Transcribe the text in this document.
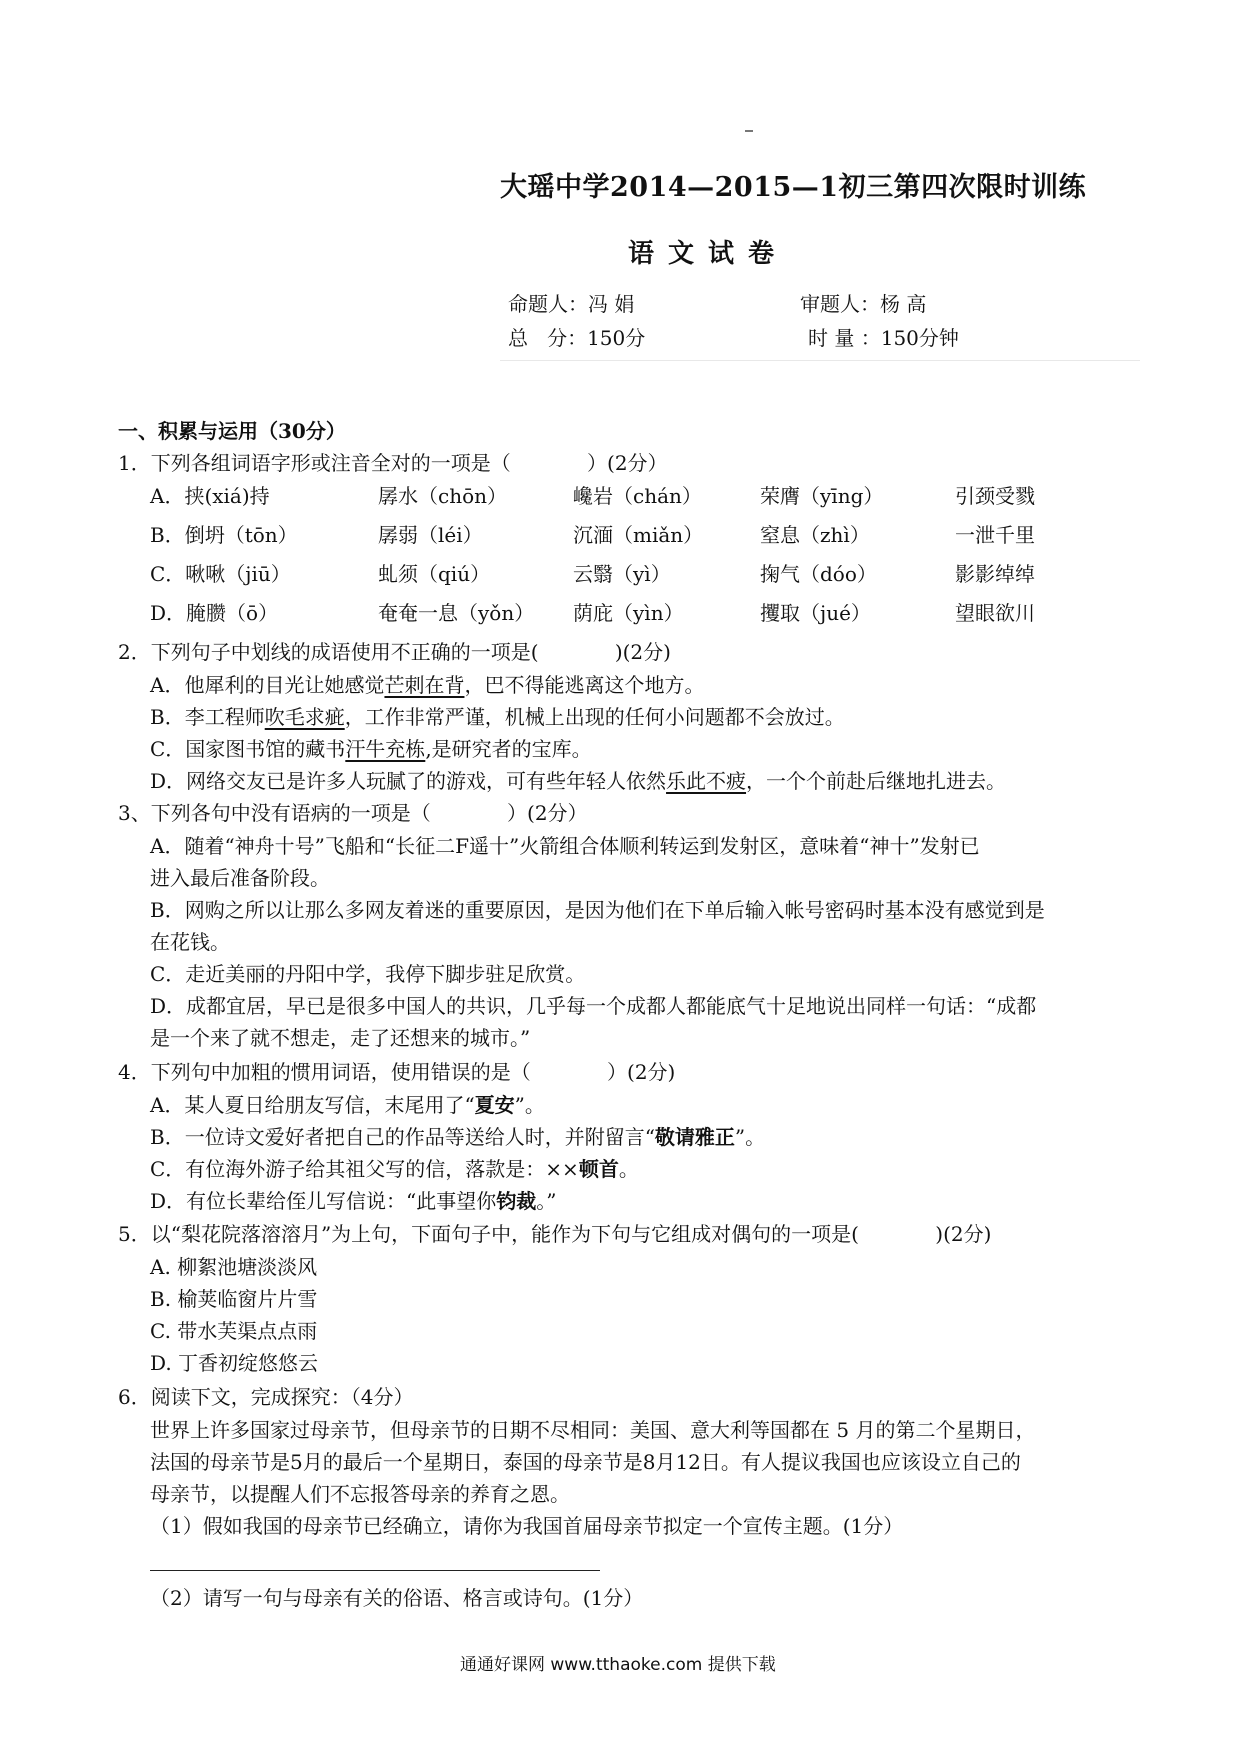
大瑶中学2014—2015—1初三第四次限时训练
语文试卷
命题人：冯 娟	审题人：杨 高
总   分：150分	时 量 ：150分钟
一、积累与运用（30分）
1．下列各组词语字形或注音全对的一项是（            ）(2分）
A．挟(xiá)持	孱水（chōn）	巉岩（chán）	荣膺（yīng）	引颈受戮
B．倒坍（tōn）	孱弱（léi）	沉湎（miǎn）	窒息（zhì）	一泄千里
C．啾啾（jiū）	虬须（qiú）	云翳（yì）	掬气（dóo）	影影绰绰
D．腌臜（ō）	奄奄一息（yǒn） 荫庇（yìn）	攫取（jué）	望眼欲川
2．下列句子中划线的成语使用不正确的一项是(            )(2分)
A．他犀利的目光让她感觉芒刺在背，巴不得能逃离这个地方。
B．李工程师吹毛求疵，工作非常严谨，机械上出现的任何小问题都不会放过。
C．国家图书馆的藏书汗牛充栋,是研究者的宝库。
D．网络交友已是许多人玩腻了的游戏，可有些年轻人依然乐此不疲，一个个前赴后继地扎进去。
3、下列各句中没有语病的一项是（            ）(2分）
A．随着“神舟十号”飞船和“长征二F遥十”火箭组合体顺利转运到发射区，意味着“神十”发射已
进入最后准备阶段。
B．网购之所以让那么多网友着迷的重要原因，是因为他们在下单后输入帐号密码时基本没有感觉到是
在花钱。
C．走近美丽的丹阳中学，我停下脚步驻足欣赏。
D．成都宜居，早已是很多中国人的共识，几乎每一个成都人都能底气十足地说出同样一句话：“成都
是一个来了就不想走，走了还想来的城市。”
4．下列句中加粗的惯用词语，使用错误的是（            ）(2分)
A．某人夏日给朋友写信，末尾用了“夏安”。
B．一位诗文爱好者把自己的作品等送给人时，并附留言“敬请雅正”。
C．有位海外游子给其祖父写的信，落款是：××顿首。
D．有位长辈给侄儿写信说：“此事望你钧裁。”
5．以“梨花院落溶溶月”为上句，下面句子中，能作为下句与它组成对偶句的一项是(            )(2分)
A. 柳絮池塘淡淡风
B. 榆荚临窗片片雪
C. 带水芙渠点点雨
D. 丁香初绽悠悠云
6．阅读下文，完成探究：（4分）
世界上许多国家过母亲节，但母亲节的日期不尽相同：美国、意大利等国都在 5 月的第二个星期日，
法国的母亲节是5月的最后一个星期日，泰国的母亲节是8月12日。有人提议我国也应该设立自己的
母亲节，以提醒人们不忘报答母亲的养育之恩。
（1）假如我国的母亲节已经确立，请你为我国首届母亲节拟定一个宣传主题。(1分）
（2）请写一句与母亲有关的俗语、格言或诗句。(1分）
通通好课网 www.tthaoke.com 提供下载
